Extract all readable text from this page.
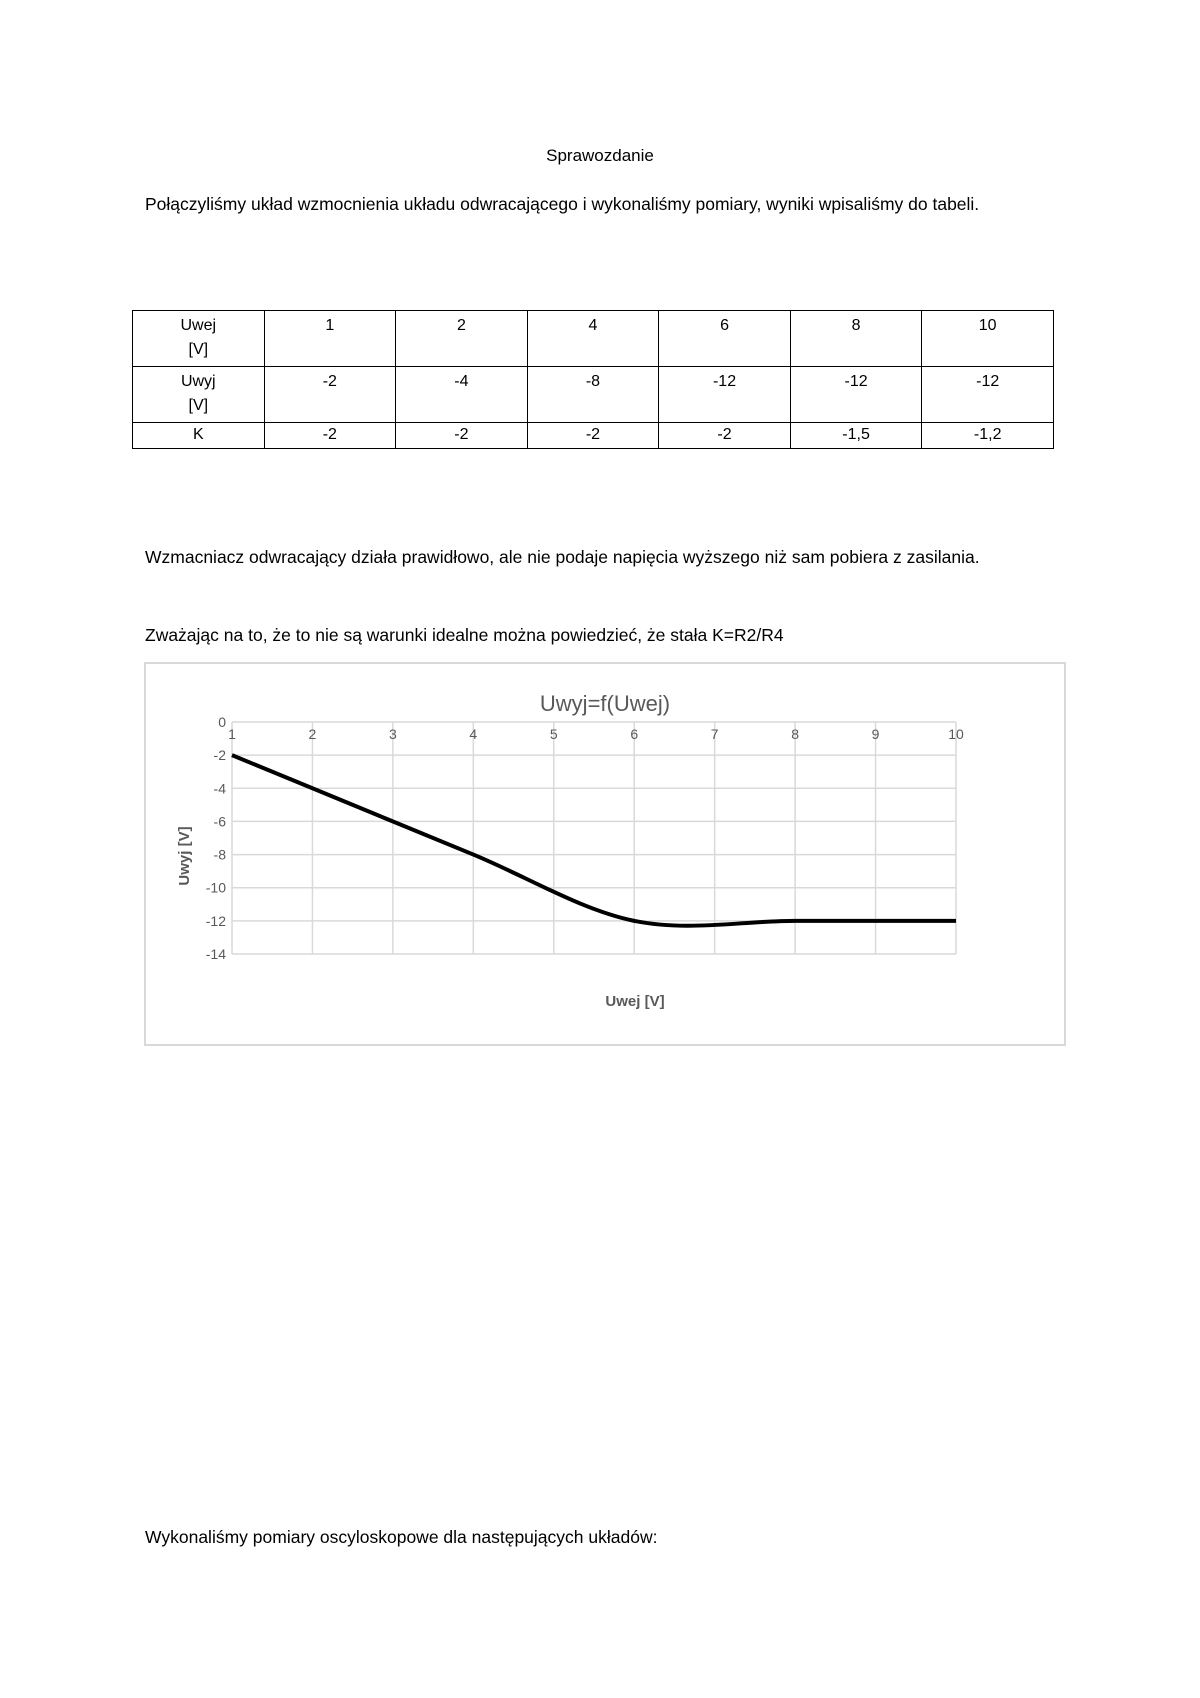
Sprawozdanie
Połączyliśmy układ wzmocnienia układu odwracającego i wykonaliśmy pomiary, wyniki wpisaliśmy do tabeli.
Uwej
[V]	1	2	4	6	8	10

Uwyj
[V]	-2	-4	-8	-12	-12	-12

K	-2	-2	-2	-2	-1,5	-1,2
Wzmacniacz odwracający działa prawidłowo, ale nie podaje napięcia wyższego niż sam pobiera z zasilania.
Zważając na to, że to nie są warunki idealne można powiedzieć, że stała K=R2/R4
Uwyj=f(Uwej)
Uwyj [V]
Uwej [V]
0
-2
-4
-6
-8
-10
-12
-14
1	2	3	4	5	6	7	8	9	10
Wykonaliśmy pomiary oscyloskopowe dla następujących układów:
